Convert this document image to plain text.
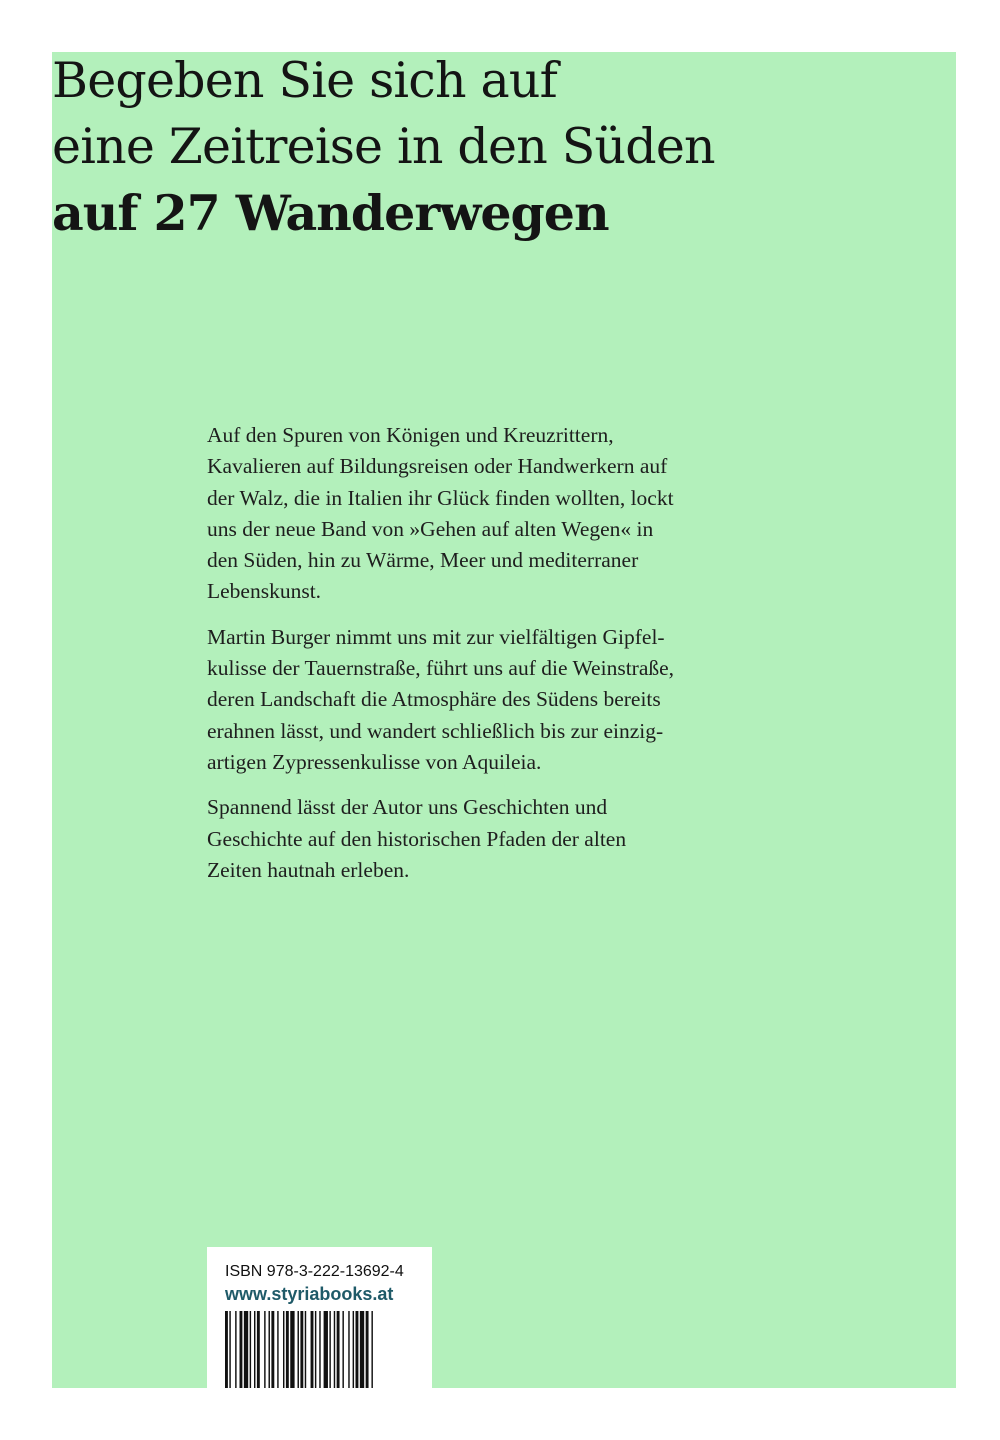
Begeben Sie sich auf
eine Zeitreise in den Süden
auf 27 Wanderwegen

Auf den Spuren von Königen und Kreuzrittern,
Kavalieren auf Bildungsreisen oder Handwerkern auf
der Walz, die in Italien ihr Glück finden wollten, lockt
uns der neue Band von »Gehen auf alten Wegen« in
den Süden, hin zu Wärme, Meer und mediterraner
Lebenskunst.

Martin Burger nimmt uns mit zur vielfältigen Gipfel-
kulisse der Tauernstraße, führt uns auf die Weinstraße,
deren Landschaft die Atmosphäre des Südens bereits
erahnen lässt, und wandert schließlich bis zur einzig-
artigen Zypressenkulisse von Aquileia.

Spannend lässt der Autor uns Geschichten und
Geschichte auf den historischen Pfaden der alten
Zeiten hautnah erleben.

ISBN 978-3-222-13692-4
www.styriabooks.at
